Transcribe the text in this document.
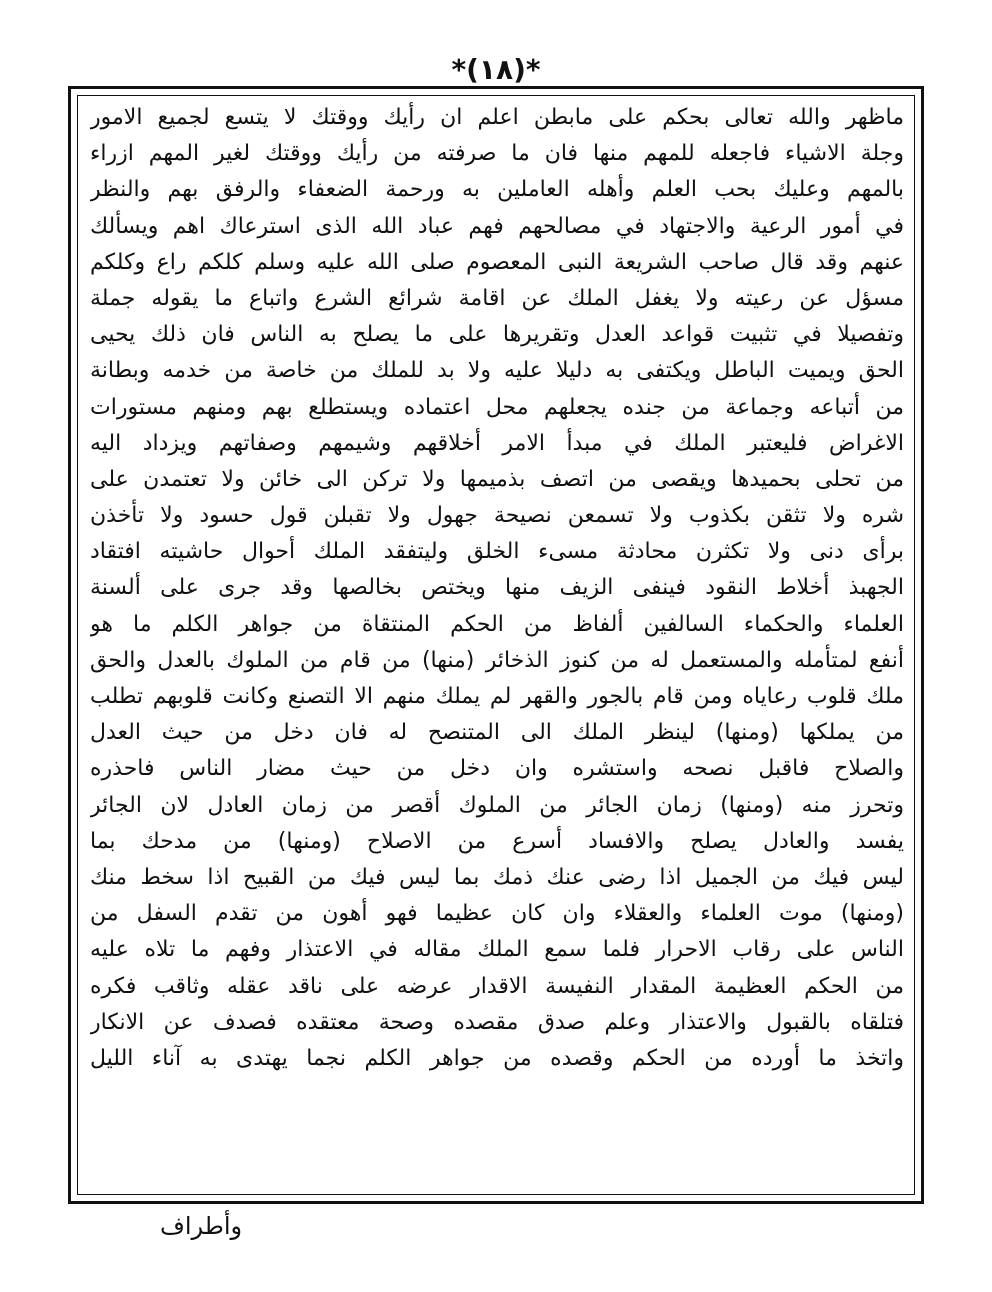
*(١٨)*
ماظهر والله تعالى بحكم على مابطن اعلم ان رأيك ووقتك لا يتسع لجميع الامور
وجلة الاشياء فاجعله للمهم منها فان ما صرفته من رأيك ووقتك لغير المهم ازراء
بالمهم وعليك بحب العلم وأهله العاملين به ورحمة الضعفاء والرفق بهم والنظر
في أمور الرعية والاجتهاد في مصالحهم فهم عباد الله الذى استرعاك اهم ويسألك
عنهم وقد قال صاحب الشريعة النبى المعصوم صلى الله عليه وسلم كلكم راع وكلكم
مسؤل عن رعيته ولا يغفل الملك عن اقامة شرائع الشرع واتباع ما يقوله جملة
وتفصيلا في تثبيت قواعد العدل وتقريرها على ما يصلح به الناس فان ذلك يحيى
الحق ويميت الباطل ويكتفى به دليلا عليه ولا بد للملك من خاصة من خدمه وبطانة
من أتباعه وجماعة من جنده يجعلهم محل اعتماده ويستطلع بهم ومنهم مستورات
الاغراض فليعتبر الملك في مبدأ الامر أخلاقهم وشيمهم وصفاتهم ويزداد اليه
من تحلى بحميدها ويقصى من اتصف بذميمها ولا تركن الى خائن ولا تعتمدن على
شره ولا تثقن بكذوب ولا تسمعن نصيحة جهول ولا تقبلن قول حسود ولا تأخذن
برأى دنى ولا تكثرن محادثة مسىء الخلق وليتفقد الملك أحوال حاشيته افتقاد
الجهبذ أخلاط النقود فينفى الزيف منها ويختص بخالصها وقد جرى على ألسنة
العلماء والحكماء السالفين ألفاظ من الحكم المنتقاة من جواهر الكلم ما هو
أنفع لمتأمله والمستعمل له من كنوز الذخائر (منها) من قام من الملوك بالعدل والحق
ملك قلوب رعاياه ومن قام بالجور والقهر لم يملك منهم الا التصنع وكانت قلوبهم تطلب
من يملكها (ومنها) لينظر الملك الى المتنصح له فان دخل من حيث العدل
والصلاح فاقبل نصحه واستشره وان دخل من حيث مضار الناس فاحذره
وتحرز منه (ومنها) زمان الجائر من الملوك أقصر من زمان العادل لان الجائر
يفسد والعادل يصلح والافساد أسرع من الاصلاح (ومنها) من مدحك بما
ليس فيك من الجميل اذا رضى عنك ذمك بما ليس فيك من القبيح اذا سخط منك
(ومنها) موت العلماء والعقلاء وان كان عظيما فهو أهون من تقدم السفل من
الناس على رقاب الاحرار فلما سمع الملك مقاله في الاعتذار وفهم ما تلاه عليه
من الحكم العظيمة المقدار النفيسة الاقدار عرضه على ناقد عقله وثاقب فكره
فتلقاه بالقبول والاعتذار وعلم صدق مقصده وصحة معتقده فصدف عن الانكار
واتخذ ما أورده من الحكم وقصده من جواهر الكلم نجما يهتدى به آناء الليل
وأطراف
